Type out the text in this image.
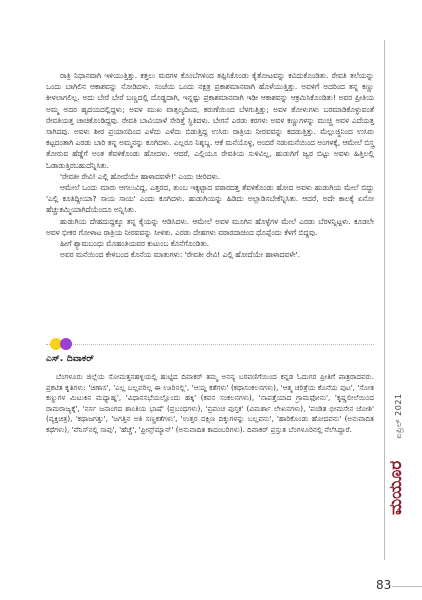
ರಾತ್ರಿ ನಿಧಾನವಾಗಿ ಇಳಿಯುತ್ತಿತ್ತು. ಕತ್ತಲು ಮರಗಳ ಕೊಂಬೆಗಳಿಂದ ತಪ್ಪಿಸಿಕೊಂಡು ಕೈತೋಟವನ್ನು ಕವಿದುಕೊಂಡಿತು. ರೇವತಿ ತಲೆಯನ್ನು ಒಂದು ಬಾಗಿಲಿನ ಆಕಾಶವನ್ನು ನೋಡಿದಳು. ಸಂಜೆಯ ಒಂದು ನಕ್ಷತ್ರ ಪ್ರಕಾಶಮಾನವಾಗಿ ಹೊಳೆಯುತ್ತಿತ್ತು. ಅವಳಿಗೆ ಅದರಿಂದ ತನ್ನ ಕಣ್ಣು ಕೀಳಲಾಗಲಿಲ್ಲ. ಅದು ಬೇರೆ ಬೇರೆ ಬಣ್ಣದಲ್ಲಿ ದೊಡ್ಡದಾಗಿ, ಇನ್ನಷ್ಟು ಪ್ರಕಾಶಮಾನವಾಗಿ ಇಡೀ ಆಕಾಶವನ್ನು ಆಕ್ರಮಿಸಿಕೊಂಡಿತು! ಅವರ ಪ್ರೀತಿಯ ಅಮ್ಮ ಅದರ ಹೃದಯದಲ್ಲಿದ್ದಳು; ಅವಳ ಮುಖ ವಾತ್ಸಲ್ಯದಿಂದ, ಕರುಣೆಯಿಂದ ಬೆಳಗುತ್ತಿತ್ತು; ಅವಳ ತೋಳುಗಳು ಬರಮಾಡಿಕೊಳ್ಳುವಂತೆ ರೇವತಿಯತ್ತ ಚಾಚಿಕೊಂಡಿದ್ದವು. ರೇವತಿ ಬಾವಿಯಾಳೆ ಸೇರಿತ್ತೆ ಸ್ಥಿತಿದಳು. ಬೇಗನೆ ಎರಡು ಕರಗಳು ಅವಳ ಕಣ್ಣುಗಳನ್ನು ಮುಚ್ಚಿ ಅವಳ ಎದೆಯತ್ತ ಸಾಗಿದವು. ಅವಳು ಶೀರ ಪ್ರಯಾಸದಿಂದ ಎಳೆದು ಎಳೆದು ಬಿಡುತ್ತಿದ್ದ ಉಸಿರು ರಾತ್ರಿಯ ನೀರವವನ್ನು ಕದಡುತ್ತಿತ್ತು. ಮೆಲ್ಲುಜ್ಜಿನಿಂದ ಉಸಿರು ಕಟ್ಟದಂತಾಗಿ ಎರಡು ಬಾರಿ ತನ್ನ ಅಮ್ಮನನ್ನು ಕೂಗಿದಳು. ಎಲ್ಲರೂ ನಿಶ್ಶಬ್ದ. ಆಕೆ ಮನೆಯೊಳ್ಳ, ಅಂದರೆ ನಡುಮನೆಯಿಂದ ಅಂಗಳಕ್ಕೆ, ಆಮೇಲೆ ಬಿಸ್ತ್ರ ತೋರುವ ಹೆಡ್ಡೆಗೆ ಅಂತ ತೆವಳಿಕೊಂಡು ಹೋದಳು. ಆದರೆ, ಎಲ್ಲಿಯೂ ರೇವತಿಯ ಸುಳಿವಿಲ್ಲ, ಹುಡುಗಿಗೆ ಜ್ವರ ಬಿಟ್ಟು ಅವಳು ಹಿತ್ತಿಲಲ್ಲಿ ಓಡಾಡುತ್ತಿರಬಹುದೆನ್ನಿಸಿತು.

'ರೇವತೀ ರೇವಿ! ಎಲ್ಲಿ ಹೋದೆಯೇ ಹಾಳಾದವಳೇ!' ಎಂದು ಚೀರಿದಳು.

ಆಮೇಲೆ ಒಂದು ಮಾರು ಆಗಲುವಿದ್ದ, ಎತ್ತರದ, ತುಂಬ ಇಕ್ಕಟ್ಟಾದ ವಠಾರದತ್ತ ತೆವಳಿಕೊಂಡು ಹೋದ ಅವಳು ಹುಡುಗಿಯ ಮೇಲೆ ಬಿದ್ದು 'ಎಲ್ಲಿ ಕೂತಿದ್ದೀಯಾ? ಸಾಯ ಸಾಯ' ಎಂದು ಕೂಗಿದಳು. ಹುಡುಗಿಯನ್ನು ಹಿಡಿದು ಅಲ್ಲಾಡಿಸಬೇಕೆನ್ನಿಸಿತು. ಆದರೆ, ಅದೇ ಕಾಲಕ್ಕೆ ಏನೋ ಹೆಚ್ಚುಕಮ್ಮಿಯಾಗಿದೆಯೆಂದೂ ಅನ್ನಿಸಿತು.

ಹುಡುಗಿಯ ದೇಹದುದ್ದಕ್ಕೂ ತನ್ನ ಕೈಯನ್ನು ಆಡಿಸಿದಳು. ಆಮೇಲೆ ಅವಳ ಮೂಗಿನ ಹೊಳ್ಳೆಗಳ ಮೇಲೆ ಎರಡು ಬೆರಳನ್ನಿಟ್ಟಳು. ಕೂಡಲೇ ಅವಳ ಭೀಕರ ಗೋಳಾಟ ರಾತ್ರಿಯ ನೀರವವನ್ನು ಸೀಳಿತು. ಎರಡು ದೇಹಗಳು ವಠಾರದಾಚಿಂದ ಧೊಪ್ಪೆಂದು ಕೆಳಗೆ ಬಿದ್ದವು.

ಹೀಗೆ ಶ್ಯಾಮಬಂಧು ಮೊಹಂತಿಯವರ ಕುಟುಂಬ ಕೊನೆಗೊಂಡಿತು.

ಅವರ ಮನೆಯಿಂದ ಕೇಳಿಬಂದ ಕೊನೆಯ ಮಾತುಗಳು: 'ರೇವತೀ ರೇವಿ! ಎಲ್ಲಿ ಹೋದೆಯೇ ಹಾಳಾದವಳೇ'.

ಎಸ್. ದಿವಾಕರ್

ಬೆಂಗಳೂರು ಜಿಲ್ಲೆಯ ಸೋಮತ್ತನಹಳ್ಳಿಯಲ್ಲಿ ಹುಟ್ಟಿದ ದಿವಾಕರ್ ತಮ್ಮ ಅನನ್ಯ ಬರವಣಿಗೆಯಿಂದ ಕನ್ನಡ ಓದುಗರ ಪ್ರೀತಿಗೆ ಪಾತ್ರರಾದವರು. ಪ್ರಕಟಿತ ಕೃತಿಗಳು: 'ಚಿಣಾಸ', 'ಎಲ್ಲ ಬಲ್ಲವರಿಲ್ಲ ಈ ಊರಿನಲ್ಲಿ', 'ಆಯ್ದ ಕತೆಗಳು' (ಕಥಾಸಂಕಲನಗಳು), 'ಆತ್ಮ ಚರಿತ್ರೆಯ ಕೊನೆಯ ಪುಟ', 'ಸೋತ ಕಣ್ಣುಗಳ ಮಿಟುಕಿನ ಮಧ್ಯಾಹ್ನ', 'ವಿಧಾನಸಭೆಯಲ್ಲೊಂದು ಹಕ್ಕಿ' (ಕವನ ಸಂಕಲನಗಳು), 'ನಾಪತ್ತೆಯಾದ ಗ್ರಾಮಫೋನು', 'ಕೃಷ್ಣಲೀಲೆಯಿಂದ ರಾಮರಾಜ್ಯಕ್ಕೆ', 'ನರ್ಸ ಜನಾಂಗದ ಶಾಂತಿಯ ಭಾಷೆ' (ಪ್ರಬಂಧಗಳು), 'ಪ್ರಪಂಚ ಪುಸ್ತಕ' (ವಿಮರ್ಶಾ ಲೇಖನಗಳು), 'ಪಂಡಿತ ಭೀಮಸೇನ ಜೋಶಿ' (ವ್ಯಕ್ತಿಚಿತ್ರ), 'ಕಥಾಜಗತ್ತು', 'ಜಗತ್ತಿನ ಅತಿ ಸಣ್ಣಕತೆಗಳು', 'ಉತ್ತರ ದಕ್ಷಿಣ ದಿಕ್ಕುಗಳನ್ನು ಬಲ್ಲವನು', 'ಹಾರಿಕೊಂಡು ಹೋದವನು' (ಅನುವಾದಿತ ಕಥೆಗಳು), 'ವೆನಿಸ್‌ನಲ್ಲಿ ಸಾವು', 'ಹೆಚ್ಚೆ', 'ಫ್ರೀನ್ಸ್‌ಮ್ಯಾನ್' (ಅನುವಾದಿತ ಕಾದಂಬರಿಗಳು). ದಿವಾಕರ್ ಪ್ರಸ್ತುತ ಬೆಂಗಳೂರಿನಲ್ಲಿ ನೆಲೆಸಿದ್ದಾರೆ.

ಮಯೂರಏಪ್ರಿಲ್ 2021
83
